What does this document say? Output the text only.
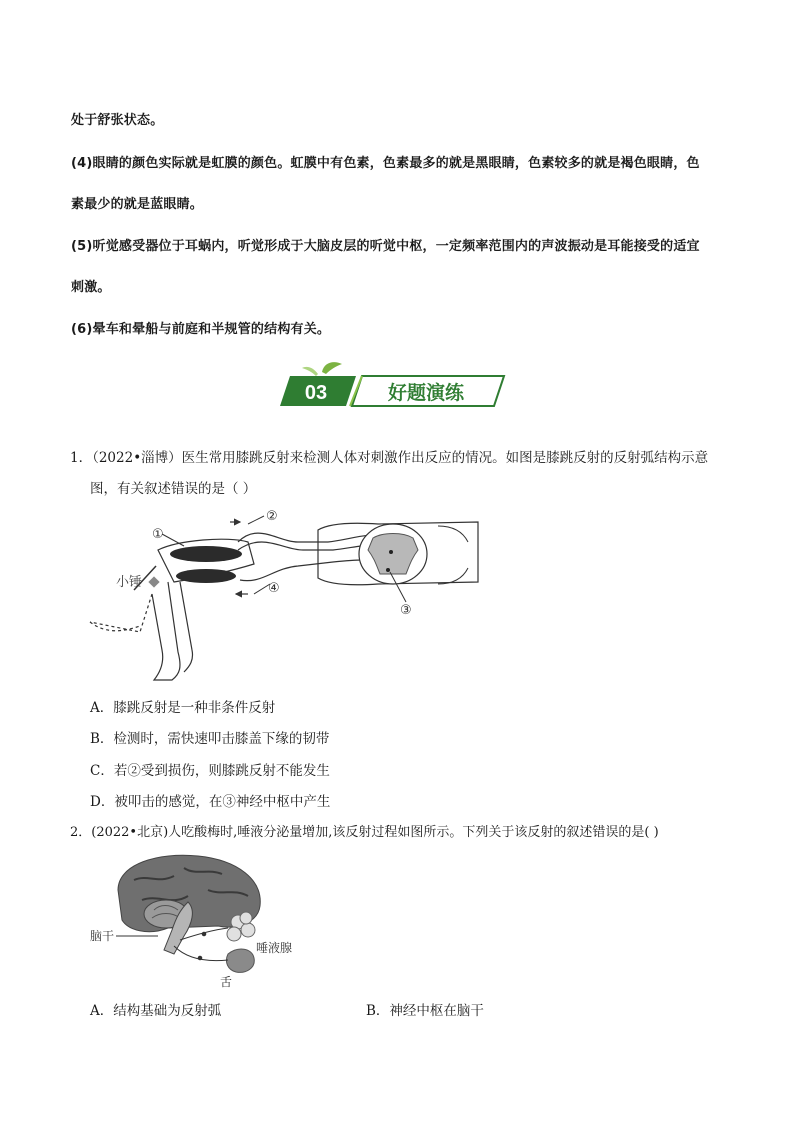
处于舒张状态。
(4)眼睛的颜色实际就是虹膜的颜色。虹膜中有色素，色素最多的就是黑眼睛，色素较多的就是褐色眼睛，色
素最少的就是蓝眼睛。
(5)听觉感受器位于耳蜗内，听觉形成于大脑皮层的听觉中枢，一定频率范围内的声波振动是耳能接受的适宜
刺激。
(6)晕车和晕船与前庭和半规管的结构有关。
03	好题演练
1．（2022•淄博）医生常用膝跳反射来检测人体对刺激作出反应的情况。如图是膝跳反射的反射弧结构示意
图，有关叙述错误的是（ ）
①
②
③
④
小锤
A．膝跳反射是一种非条件反射
B．检测时，需快速叩击膝盖下缘的韧带
C．若②受到损伤，则膝跳反射不能发生
D．被叩击的感觉，在③神经中枢中产生
2．(2022•北京)人吃酸梅时,唾液分泌量增加,该反射过程如图所示。下列关于该反射的叙述错误的是( )
脑干
唾液腺
舌
A．结构基础为反射弧	B．神经中枢在脑干
